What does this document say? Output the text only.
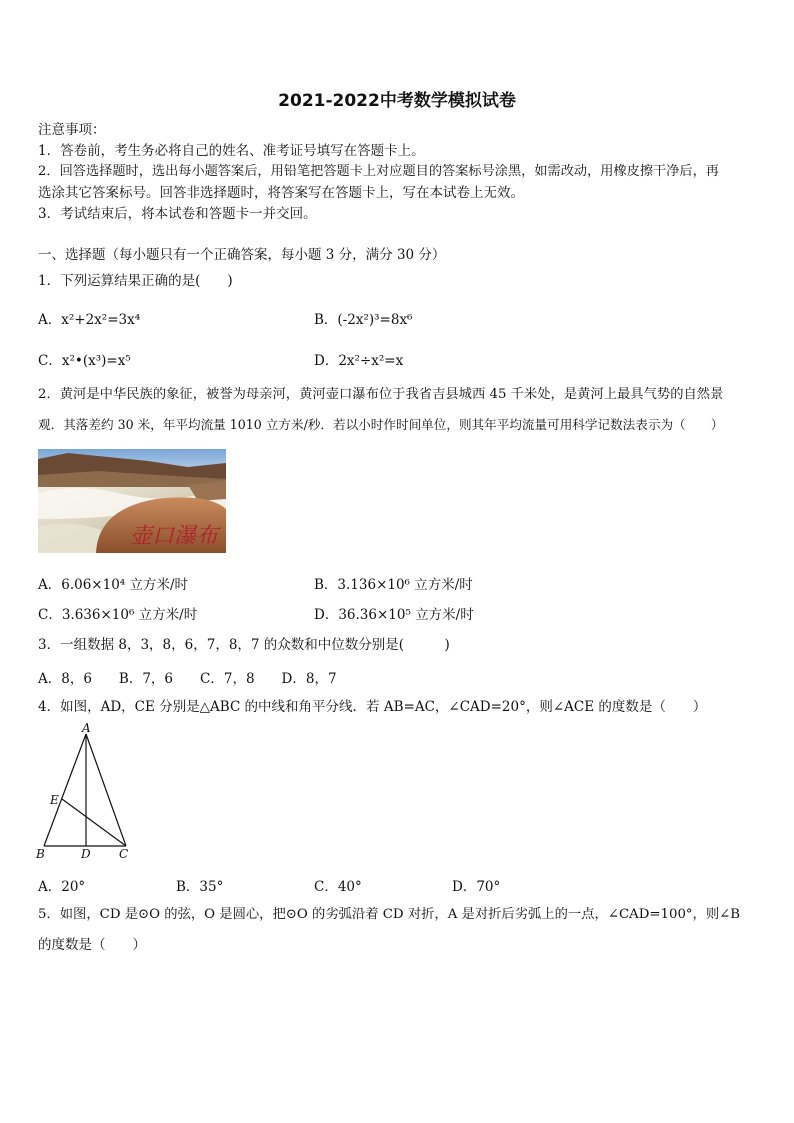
2021-2022中考数学模拟试卷
注意事项：
1．答卷前，考生务必将自己的姓名、准考证号填写在答题卡上。
2．回答选择题时，选出每小题答案后，用铅笔把答题卡上对应题目的答案标号涂黑，如需改动，用橡皮擦干净后，再
选涂其它答案标号。回答非选择题时，将答案写在答题卡上，写在本试卷上无效。
3．考试结束后，将本试卷和答题卡一并交回。
一、选择题（每小题只有一个正确答案，每小题 3 分，满分 30 分）
1．下列运算结果正确的是(　　)
A．x²+2x²=3x⁴	B．(-2x²)³=8x⁶
C．x²•(x³)=x⁵	D．2x²÷x²=x
2．黄河是中华民族的象征，被誉为母亲河，黄河壶口瀑布位于我省吉县城西 45 千米处，是黄河上最具气势的自然景
观．其落差约 30 米，年平均流量 1010 立方米/秒．若以小时作时间单位，则其年平均流量可用科学记数法表示为（　　）
壶口瀑布
A．6.06×10⁴ 立方米/时	B．3.136×10⁶ 立方米/时
C．3.636×10⁶ 立方米/时	D．36.36×10⁵ 立方米/时
3．一组数据 8，3，8，6，7，8，7 的众数和中位数分别是(　　　)
A．8，6　　B．7，6　　C．7，8　　D．8，7
4．如图，AD，CE 分别是△ABC 的中线和角平分线．若 AB=AC，∠CAD=20°，则∠ACE 的度数是（　　）
A
E
B	D C
A．20°	B．35°	C．40°	D．70°
5．如图，CD 是⊙O 的弦，O 是圆心，把⊙O 的劣弧沿着 CD 对折，A 是对折后劣弧上的一点，∠CAD=100°，则∠B
的度数是（　　）
